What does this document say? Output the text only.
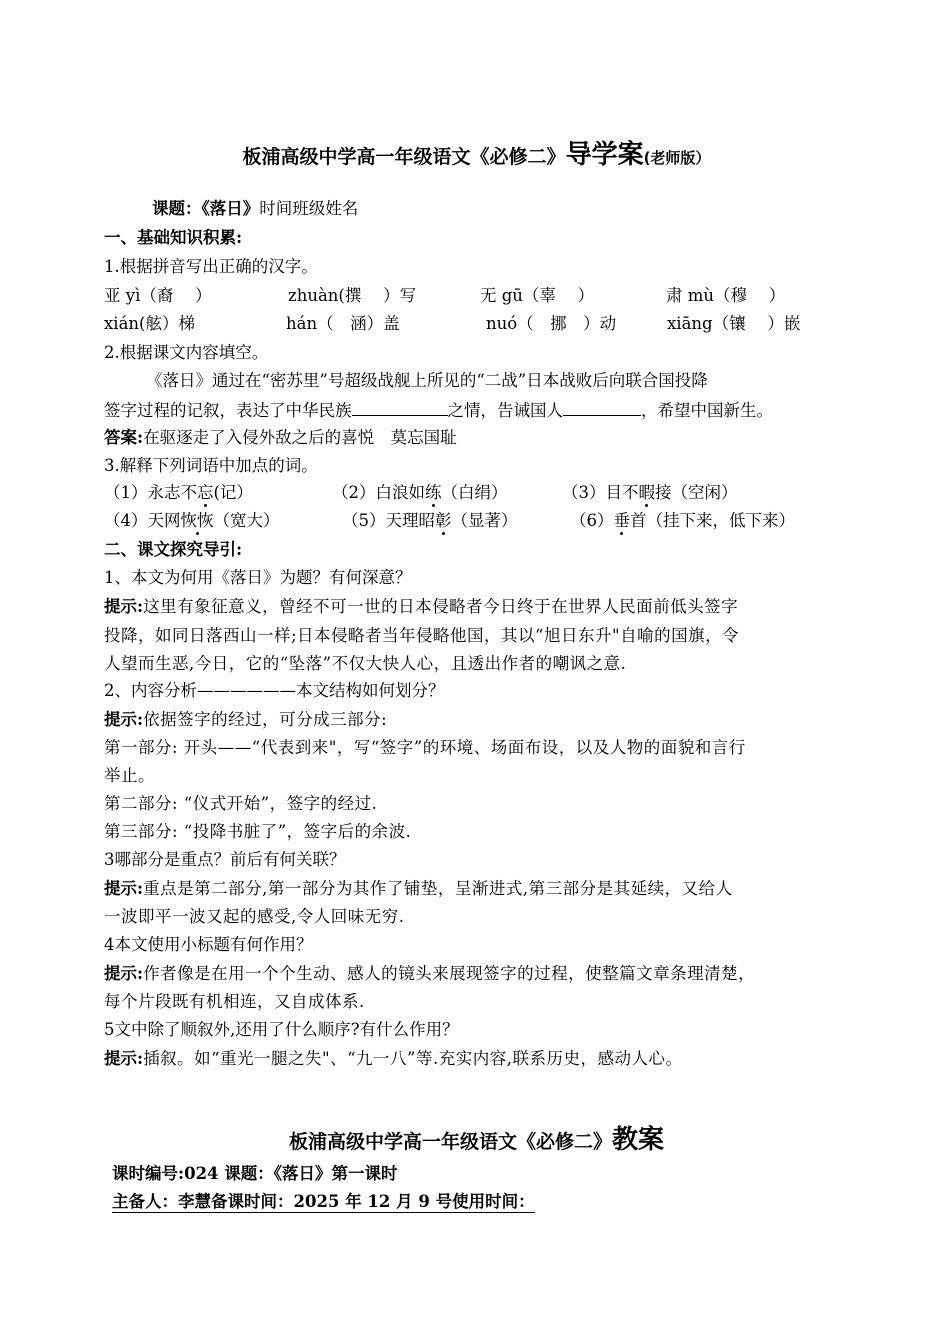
板浦高级中学高一年级语文《必修二》导学案(老师版）
课题：《落日》时间班级姓名
一、基础知识积累:
1.根据拼音写出正确的汉字。
亚 yì（裔　 ）	zhuàn(撰　 ）写	无 gū（辜　 ）	肃 mù（穆　 ）
xián(舷）梯	hán（　涵）盖	nuó（　挪　）动	xiāng（镶　 ）嵌
2.根据课文内容填空。
《落日》通过在“密苏里”号超级战舰上所见的“二战”日本战败后向联合国投降
签字过程的记叙，表达了中华民族	之情，告诫国人	，希望中国新生。
答案:在驱逐走了入侵外敌之后的喜悦　莫忘国耻
3.解释下列词语中加点的词。
（1）永志不忘(记）	（2）白浪如练（白绢）	（3）目不暇接（空闲）
（4）天网恢恢（宽大）	（5）天理昭彰（显著）	（6）垂首（挂下来，低下来）
二、课文探究导引:
1、本文为何用《落日》为题？有何深意？
提示:这里有象征意义，曾经不可一世的日本侵略者今日终于在世界人民面前低头签字
投降，如同日落西山一样;日本侵略者当年侵略他国，其以“旭日东升"自喻的国旗，令
人望而生恶,今日，它的“坠落”不仅大快人心，且透出作者的嘲讽之意.
2、内容分析——————本文结构如何划分？
提示:依据签字的经过，可分成三部分:
第一部分: 开头——“代表到来"，写“签字”的环境、场面布设，以及人物的面貌和言行
举止。
第二部分: “仪式开始”，签字的经过.
第三部分: “投降书脏了”，签字后的余波.
3哪部分是重点？前后有何关联？
提示:重点是第二部分,第一部分为其作了铺垫，呈渐进式,第三部分是其延续，又给人
一波即平一波又起的感受,令人回味无穷.
4本文使用小标题有何作用？
提示:作者像是在用一个个生动、感人的镜头来展现签字的过程，使整篇文章条理清楚，
每个片段既有机相连，又自成体系.
5文中除了顺叙外,还用了什么顺序?有什么作用？
提示:插叙。如“重光一腿之失"、“九一八”等.充实内容,联系历史，感动人心。
板浦高级中学高一年级语文《必修二》教案
课时编号:024 课题：《落日》第一课时
主备人：李慧备课时间：2025 年 12 月 9 号使用时间：
